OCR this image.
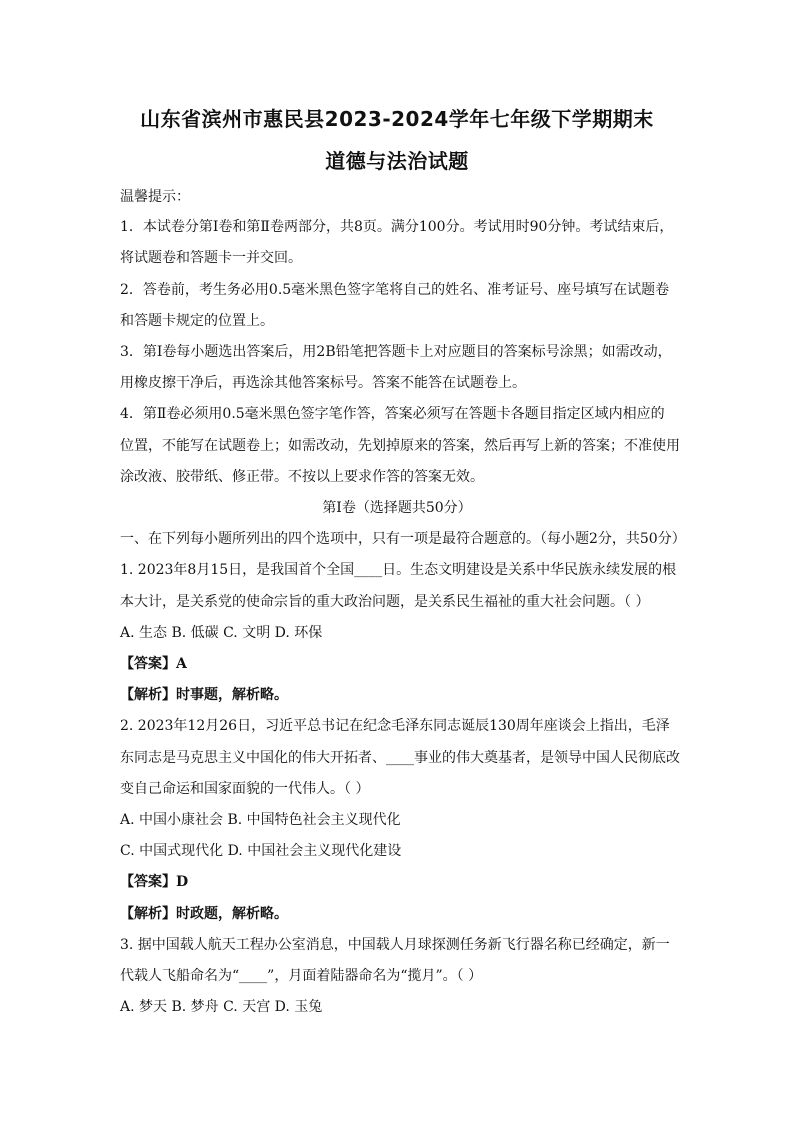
山东省滨州市惠民县2023-2024学年七年级下学期期末
道德与法治试题
温馨提示：
1．本试卷分第Ⅰ卷和第Ⅱ卷两部分，共8页。满分100分。考试用时90分钟。考试结束后，
将试题卷和答题卡一并交回。
2．答卷前，考生务必用0.5毫米黑色签字笔将自己的姓名、准考证号、座号填写在试题卷
和答题卡规定的位置上。
3．第Ⅰ卷每小题选出答案后，用2B铅笔把答题卡上对应题目的答案标号涂黑；如需改动，
用橡皮擦干净后，再选涂其他答案标号。答案不能答在试题卷上。
4．第Ⅱ卷必须用0.5毫米黑色签字笔作答，答案必须写在答题卡各题目指定区域内相应的
位置，不能写在试题卷上；如需改动，先划掉原来的答案，然后再写上新的答案；不准使用
涂改液、胶带纸、修正带。不按以上要求作答的答案无效。
第Ⅰ卷（选择题共50分）
一、在下列每小题所列出的四个选项中，只有一项是最符合题意的。（每小题2分，共50分）
1. 2023年8月15日，是我国首个全国____日。生态文明建设是关系中华民族永续发展的根
本大计，是关系党的使命宗旨的重大政治问题，是关系民生福祉的重大社会问题。（ ）
A. 生态 B. 低碳 C. 文明 D. 环保
【答案】A
【解析】时事题，解析略。
2. 2023年12月26日，习近平总书记在纪念毛泽东同志诞辰130周年座谈会上指出，毛泽
东同志是马克思主义中国化的伟大开拓者、____事业的伟大奠基者，是领导中国人民彻底改
变自己命运和国家面貌的一代伟人。（ ）
A. 中国小康社会 B. 中国特色社会主义现代化
C. 中国式现代化 D. 中国社会主义现代化建设
【答案】D
【解析】时政题，解析略。
3. 据中国载人航天工程办公室消息，中国载人月球探测任务新飞行器名称已经确定，新一
代载人飞船命名为“____”，月面着陆器命名为“揽月”。（ ）
A. 梦天 B. 梦舟 C. 天宫 D. 玉兔
